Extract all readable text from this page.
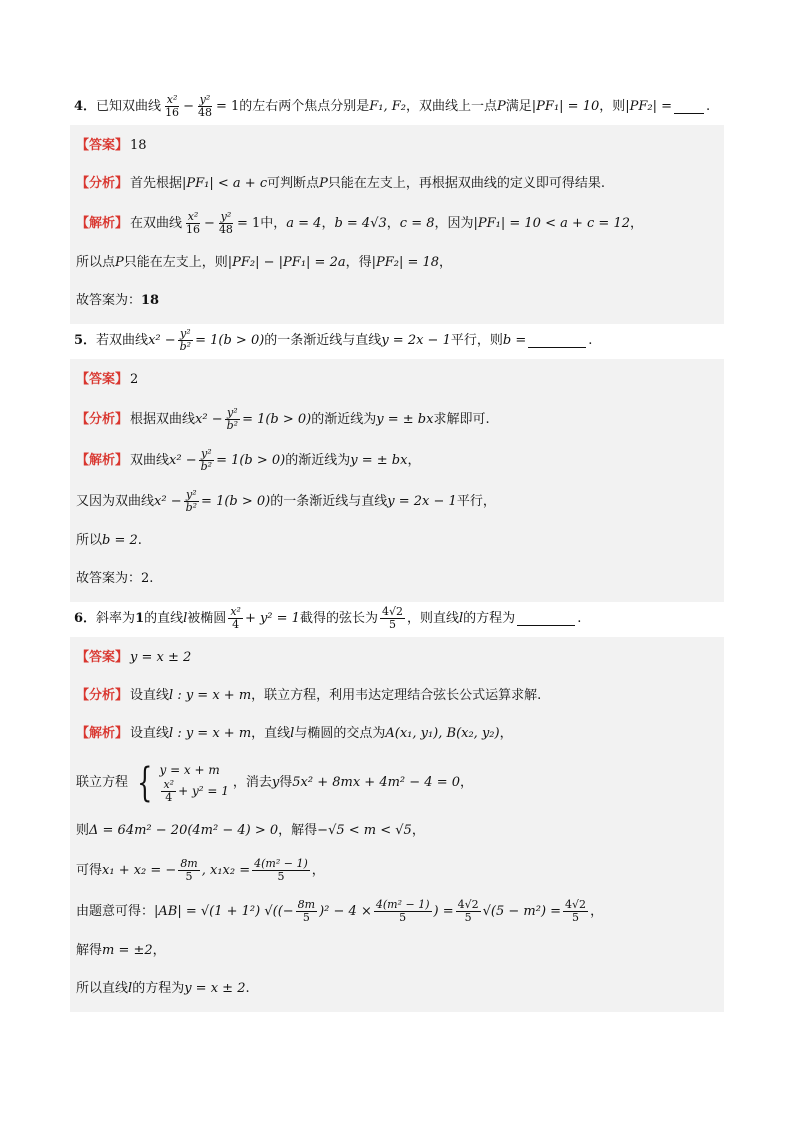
4． 已知双曲线 $\frac{\text{x²}}{16} - \frac{\text{y²}}{48} = 1$ 的左右两个焦点分别是 F₁, F₂ ，双曲线上一点 P 满足 |PF₁| = 10 ，则 |PF₂| =	.
【答案】 18
【分析】 首先根据 |PF₁| < a + c 可判断点 P 只能在左支上，再根据双曲线的定义即可得结果.
【解析】 在双曲线 $\frac{\text{x²}}{16} - \frac{\text{y²}}{48} = 1$ 中， a = 4 ， b = 4√3 ， c = 8 ，因为 |PF₁| = 10 < a + c = 12 ，
所以点 P 只能在左支上，则 |PF₂| − |PF₁| = 2a ，得 |PF₂| = 18 ，
故答案为： 18
5． 若双曲线 $x^2 - \frac{\text{y²}}{\text{b²}} = 1(b > 0)$ 的一条渐近线与直线 y = 2x − 1 平行，则 b =	.
【答案】 2
【分析】 根据双曲线 $x^2 - \frac{\text{y²}}{\text{b²}} = 1(b > 0)$ 的渐近线为 y = ± bx 求解即可.
【解析】 双曲线 $x^2 - \frac{\text{y²}}{\text{b²}} = 1(b > 0)$ 的渐近线为 y = ± bx ，
又因为双曲线 $x^2 - \frac{\text{y²}}{\text{b²}} = 1(b > 0)$ 的一条渐近线与直线 y = 2x − 1 平行，
所以 b = 2 .
故答案为：2.
6． 斜率为 1 的直线 l 被椭圆 $\frac{\text{x²}}{4} + y^2 = 1$ 截得的弦长为 $\frac{4√2}{5}$ ，则直线 l 的方程为	.
【答案】 y = x ± 2
【分析】 设直线 l : y = x + m ，联立方程，利用韦达定理结合弦长公式运算求解.
【解析】 设直线 l : y = x + m ，直线 l 与椭圆的交点为 A(x₁, y₁), B(x₂, y₂) ，
联立方程 { y = x + m
$\frac{\text{x²}}{4} + y^2 = 1$
，消去 y 得 5x² + 8mx + 4m² − 4 = 0 ，
则 Δ = 64m² − 20(4m² − 4) > 0 ，解得 −√5 < m < √5 ，
可得 x₁ + x₂ = − $\frac{8m}{5}$ , $x_1x_2 = \frac{\text{4(m² − 1)}}{5}$ ，
由题意可得： |AB| = √(1 + 1²) √((− $\frac{8m}{5} )^2 - 4 \times \frac{\text{4(m² − 1)}}{5}$ ) = $\frac{4√2}{5} √(5 - m^2) = \frac{4√2}{5}$ ，
解得 m = ±2 ，
所以直线 l 的方程为 y = x ± 2 .
